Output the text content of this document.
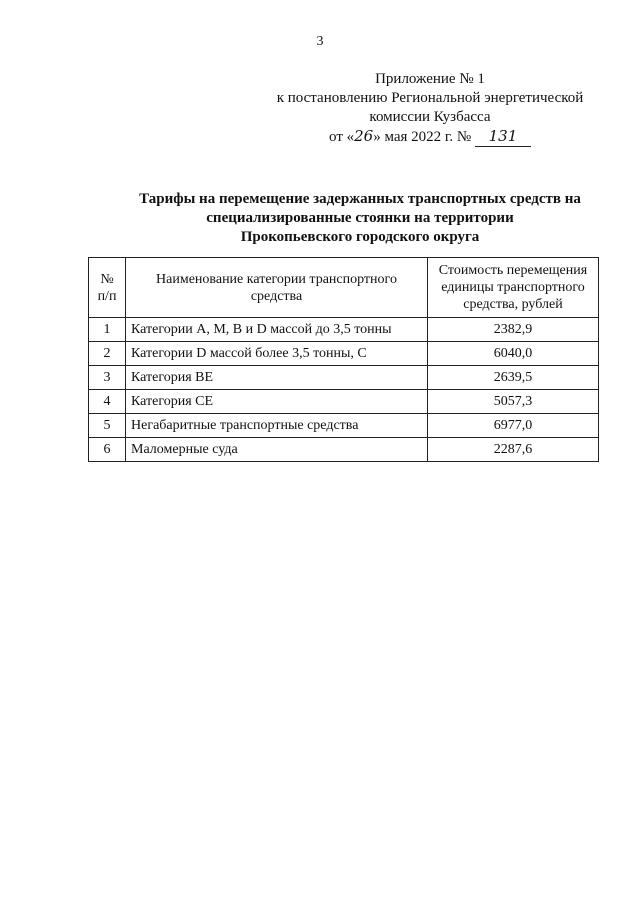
3
Приложение № 1
к постановлению Региональной энергетической
комиссии Кузбасса
от «26» мая 2022 г. № 131
Тарифы на перемещение задержанных транспортных средств на
специализированные стоянки на территории
Прокопьевского городского округа
№ п/п	Наименование категории транспортного средства	Стоимость перемещения единицы транспортного средства, рублей
1	Категории A, M, B и D массой до 3,5 тонны	2382,9
2	Категории D массой более 3,5 тонны, C	6040,0
3	Категория BE	2639,5
4	Категория CE	5057,3
5	Негабаритные транспортные средства	6977,0
6	Маломерные суда	2287,6
